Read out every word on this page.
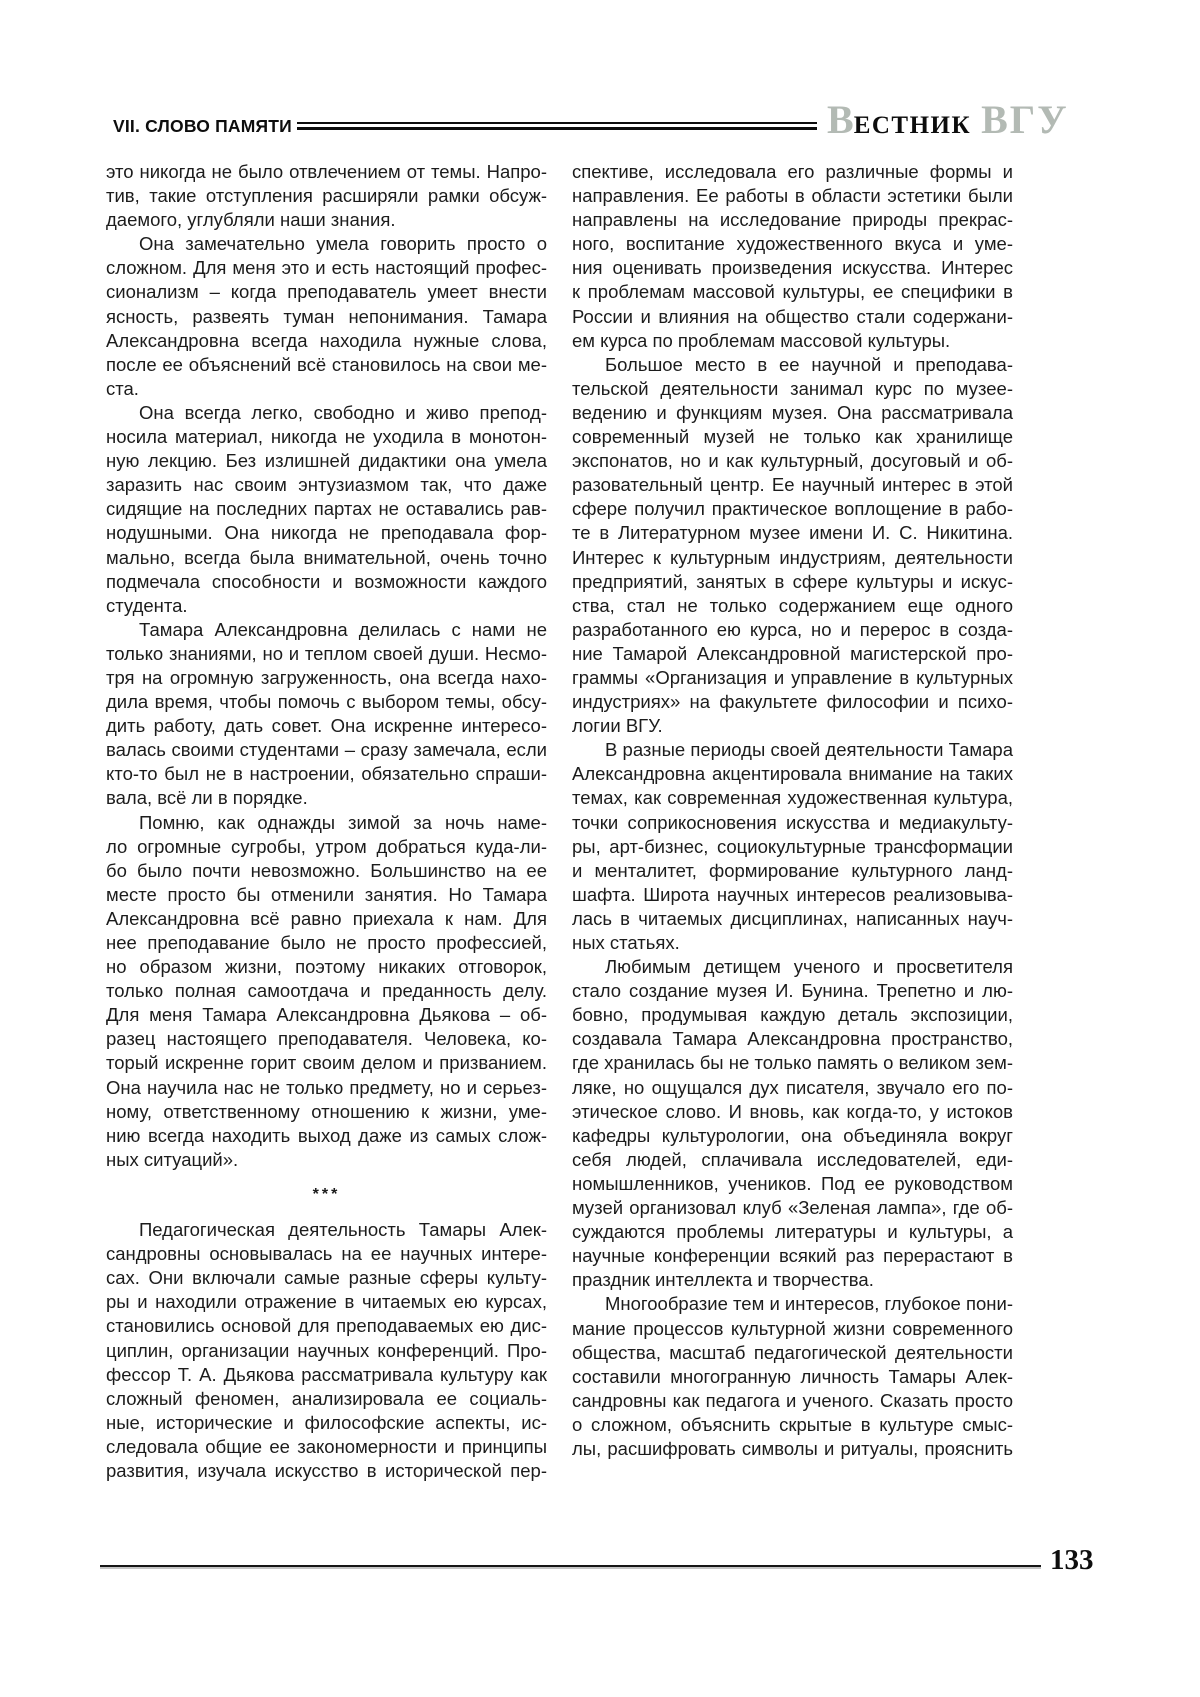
VII. СЛОВО ПАМЯТИ	ВЕСТНИК ВГУ
это никогда не было отвлечением от темы. Напро-
тив, такие отступления расширяли рамки обсуж-
даемого, углубляли наши знания.
Она замечательно умела говорить просто о
сложном. Для меня это и есть настоящий профес-
сионализм – когда преподаватель умеет внести
ясность, развеять туман непонимания. Тамара
Александровна всегда находила нужные слова,
после ее объяснений всё становилось на свои ме-
ста.
Она всегда легко, свободно и живо препод-
носила материал, никогда не уходила в монотон-
ную лекцию. Без излишней дидактики она умела
заразить нас своим энтузиазмом так, что даже
сидящие на последних партах не оставались рав-
нодушными. Она никогда не преподавала фор-
мально, всегда была внимательной, очень точно
подмечала способности и возможности каждого
студента.
Тамара Александровна делилась с нами не
только знаниями, но и теплом своей души. Несмо-
тря на огромную загруженность, она всегда нахо-
дила время, чтобы помочь с выбором темы, обсу-
дить работу, дать совет. Она искренне интересо-
валась своими студентами – сразу замечала, если
кто-то был не в настроении, обязательно спраши-
вала, всё ли в порядке.
Помню, как однажды зимой за ночь наме-
ло огромные сугробы, утром добраться куда-ли-
бо было почти невозможно. Большинство на ее
месте просто бы отменили занятия. Но Тамара
Александровна всё равно приехала к нам. Для
нее преподавание было не просто профессией,
но образом жизни, поэтому никаких отговорок,
только полная самоотдача и преданность делу.
Для меня Тамара Александровна Дьякова – об-
разец настоящего преподавателя. Человека, ко-
торый искренне горит своим делом и призванием.
Она научила нас не только предмету, но и серьез-
ному, ответственному отношению к жизни, уме-
нию всегда находить выход даже из самых слож-
ных ситуаций».
***
Педагогическая деятельность Тамары Алек-
сандровны основывалась на ее научных интере-
сах. Они включали самые разные сферы культу-
ры и находили отражение в читаемых ею курсах,
становились основой для преподаваемых ею дис-
циплин, организации научных конференций. Про-
фессор Т. А. Дьякова рассматривала культуру как
сложный феномен, анализировала ее социаль-
ные, исторические и философские аспекты, ис-
следовала общие ее закономерности и принципы
развития, изучала искусство в исторической пер-
спективе, исследовала его различные формы и
направления. Ее работы в области эстетики были
направлены на исследование природы прекрас-
ного, воспитание художественного вкуса и уме-
ния оценивать произведения искусства. Интерес
к проблемам массовой культуры, ее специфики в
России и влияния на общество стали содержани-
ем курса по проблемам массовой культуры.
Большое место в ее научной и преподава-
тельской деятельности занимал курс по музее-
ведению и функциям музея. Она рассматривала
современный музей не только как хранилище
экспонатов, но и как культурный, досуговый и об-
разовательный центр. Ее научный интерес в этой
сфере получил практическое воплощение в рабо-
те в Литературном музее имени И. С. Никитина.
Интерес к культурным индустриям, деятельности
предприятий, занятых в сфере культуры и искус-
ства, стал не только содержанием еще одного
разработанного ею курса, но и перерос в созда-
ние Тамарой Александровной магистерской про-
граммы «Организация и управление в культурных
индустриях» на факультете философии и психо-
логии ВГУ.
В разные периоды своей деятельности Тамара
Александровна акцентировала внимание на таких
темах, как современная художественная культура,
точки соприкосновения искусства и медиакульту-
ры, арт-бизнес, социокультурные трансформации
и менталитет, формирование культурного ланд-
шафта. Широта научных интересов реализовыва-
лась в читаемых дисциплинах, написанных науч-
ных статьях.
Любимым детищем ученого и просветителя
стало создание музея И. Бунина. Трепетно и лю-
бовно, продумывая каждую деталь экспозиции,
создавала Тамара Александровна пространство,
где хранилась бы не только память о великом зем-
ляке, но ощущался дух писателя, звучало его по-
этическое слово. И вновь, как когда-то, у истоков
кафедры культурологии, она объединяла вокруг
себя людей, сплачивала исследователей, еди-
номышленников, учеников. Под ее руководством
музей организовал клуб «Зеленая лампа», где об-
суждаются проблемы литературы и культуры, а
научные конференции всякий раз перерастают в
праздник интеллекта и творчества.
Многообразие тем и интересов, глубокое пони-
мание процессов культурной жизни современного
общества, масштаб педагогической деятельности
составили многогранную личность Тамары Алек-
сандровны как педагога и ученого. Сказать просто
о сложном, объяснить скрытые в культуре смыс-
лы, расшифровать символы и ритуалы, прояснить
133
